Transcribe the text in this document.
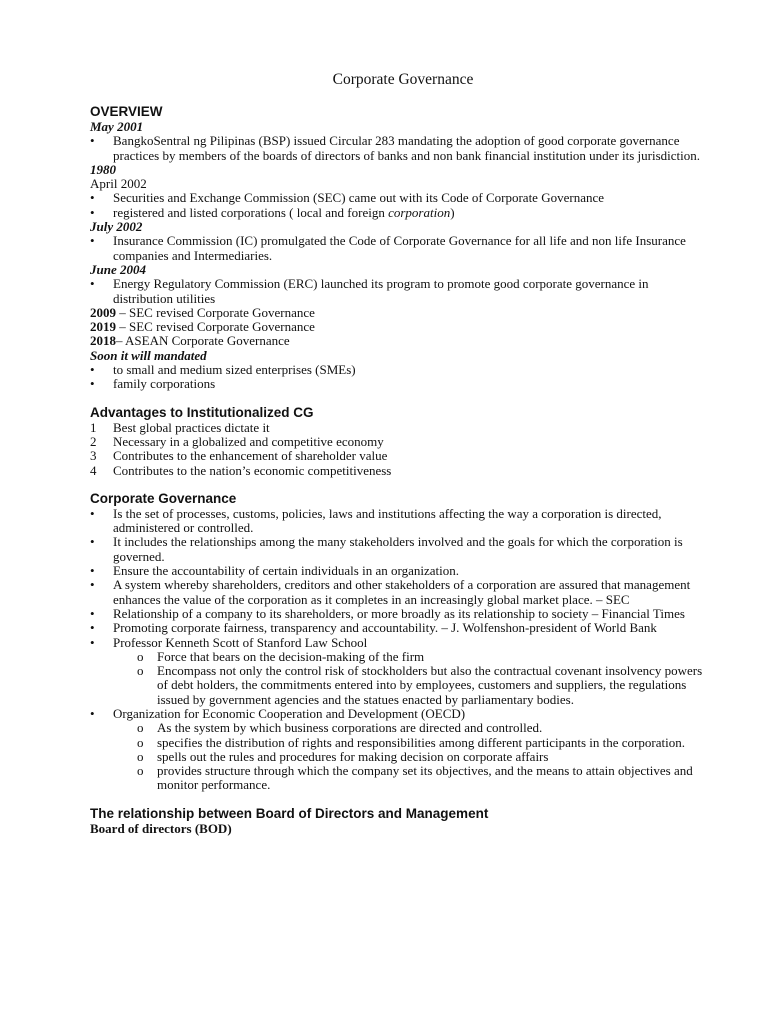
Corporate Governance
OVERVIEW
May 2001
•	BangkoSentral ng Pilipinas (BSP) issued Circular 283 mandating the adoption of good corporate governance practices by members of the boards of directors of banks and non bank financial institution under its jurisdiction.
1980
April 2002
•	Securities and Exchange Commission (SEC) came out with its Code of Corporate Governance
•	registered and listed corporations ( local and foreign corporation)
July 2002
•	Insurance Commission (IC) promulgated the Code of Corporate Governance for all life and non life Insurance companies and Intermediaries.
June 2004
•	Energy Regulatory Commission (ERC) launched its program to promote good corporate governance in distribution utilities
2009 – SEC revised Corporate Governance
2019 – SEC revised Corporate Governance
2018– ASEAN Corporate Governance
Soon it will mandated
•	to small and medium sized enterprises (SMEs)
•	family corporations
Advantages to Institutionalized CG
1	Best global practices dictate it
2	Necessary in a globalized and competitive economy
3	Contributes to the enhancement of shareholder value
4	Contributes to the nation’s economic competitiveness
Corporate Governance
•	Is the set of processes, customs, policies, laws and institutions affecting the way a corporation is directed, administered or controlled.
•	It includes the relationships among the many stakeholders involved and the goals for which the corporation is governed.
•	Ensure the accountability of certain individuals in an organization.
•	A system whereby shareholders, creditors and other stakeholders of a corporation are assured that management enhances the value of the corporation as it completes in an increasingly global market place. – SEC
•	Relationship of a company to its shareholders, or more broadly as its relationship to society – Financial Times
•	Promoting corporate fairness, transparency and accountability. – J. Wolfenshon-president of World Bank
•	Professor Kenneth Scott of Stanford Law School
o	Force that bears on the decision-making of the firm
o	Encompass not only the control risk of stockholders but also the contractual covenant insolvency powers of debt holders, the commitments entered into by employees, customers and suppliers, the regulations issued by government agencies and the statues enacted by parliamentary bodies.
•	Organization for Economic Cooperation and Development (OECD)
o	As the system by which business corporations are directed and controlled.
o	specifies the distribution of rights and responsibilities among different participants in the corporation.
o	spells out the rules and procedures for making decision on corporate affairs
o	provides structure through which the company set its objectives, and the means to attain objectives and monitor performance.
The relationship between Board of Directors and Management
Board of directors (BOD)
